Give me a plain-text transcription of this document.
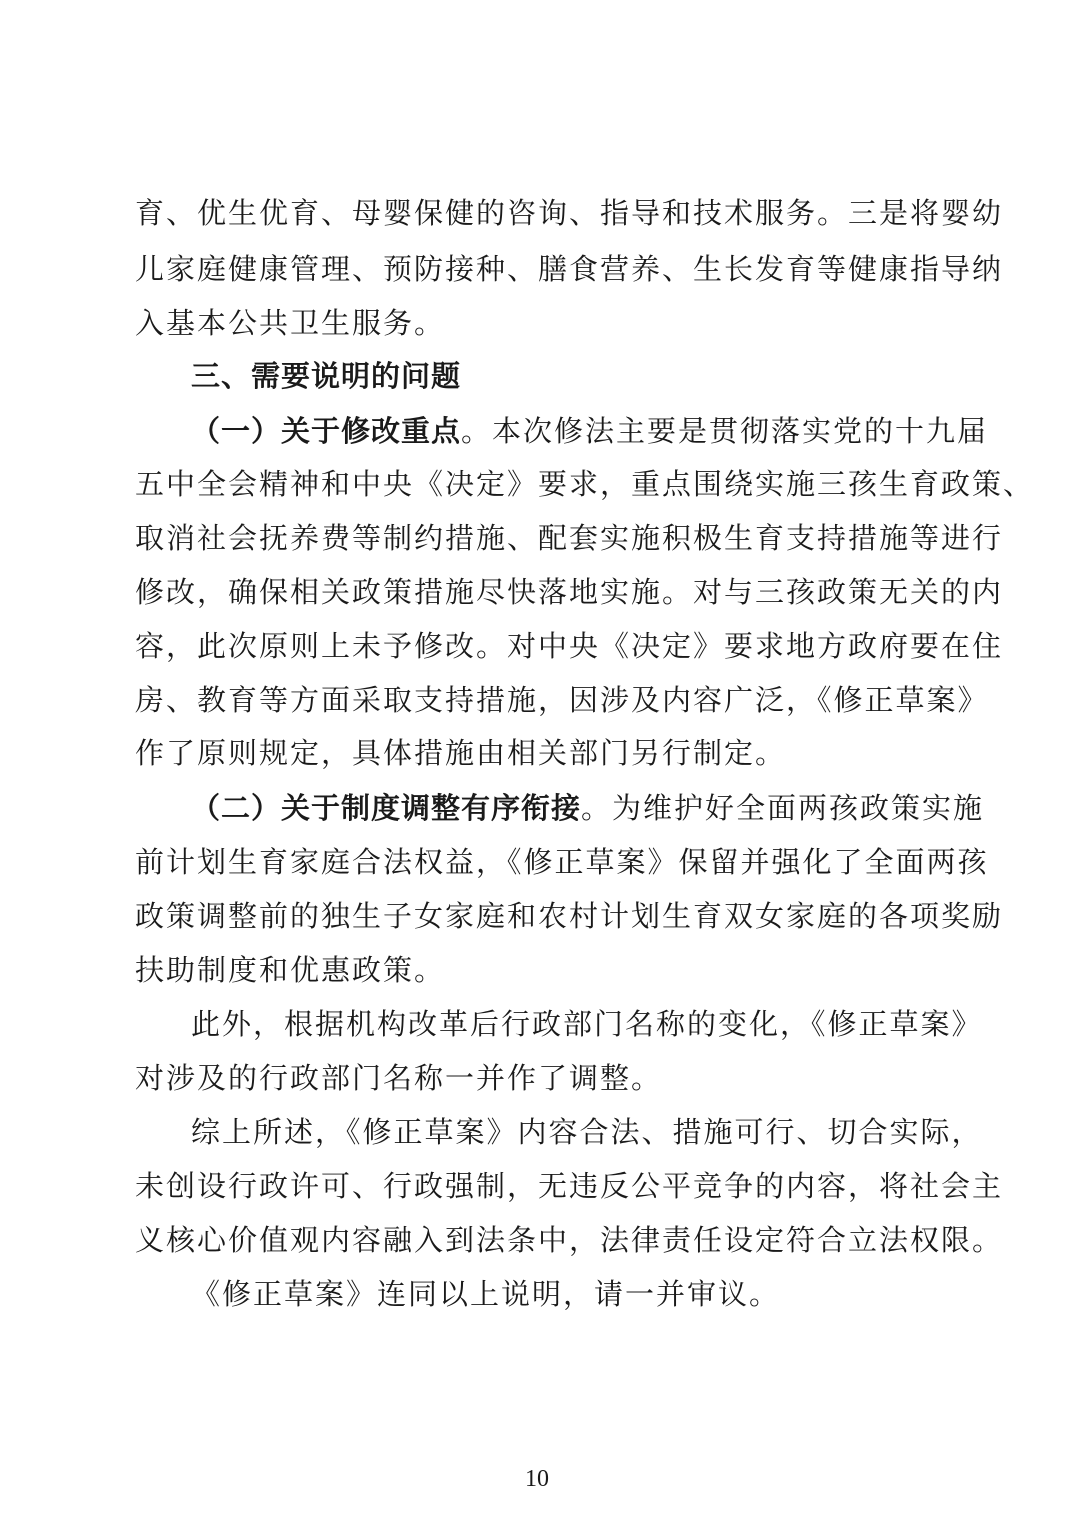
育、优生优育、母婴保健的咨询、指导和技术服务。三是将婴幼
儿家庭健康管理、预防接种、膳食营养、生长发育等健康指导纳
入基本公共卫生服务。
三、需要说明的问题
（一）关于修改重点。本次修法主要是贯彻落实党的十九届
五中全会精神和中央《决定》要求，重点围绕实施三孩生育政策、
取消社会抚养费等制约措施、配套实施积极生育支持措施等进行
修改，确保相关政策措施尽快落地实施。对与三孩政策无关的内
容，此次原则上未予修改。对中央《决定》要求地方政府要在住
房、教育等方面采取支持措施，因涉及内容广泛，《修正草案》
作了原则规定，具体措施由相关部门另行制定。
（二）关于制度调整有序衔接。为维护好全面两孩政策实施
前计划生育家庭合法权益，《修正草案》保留并强化了全面两孩
政策调整前的独生子女家庭和农村计划生育双女家庭的各项奖励
扶助制度和优惠政策。
此外，根据机构改革后行政部门名称的变化，《修正草案》
对涉及的行政部门名称一并作了调整。
综上所述，《修正草案》内容合法、措施可行、切合实际，
未创设行政许可、行政强制，无违反公平竞争的内容，将社会主
义核心价值观内容融入到法条中，法律责任设定符合立法权限。
《修正草案》连同以上说明，请一并审议。
10
